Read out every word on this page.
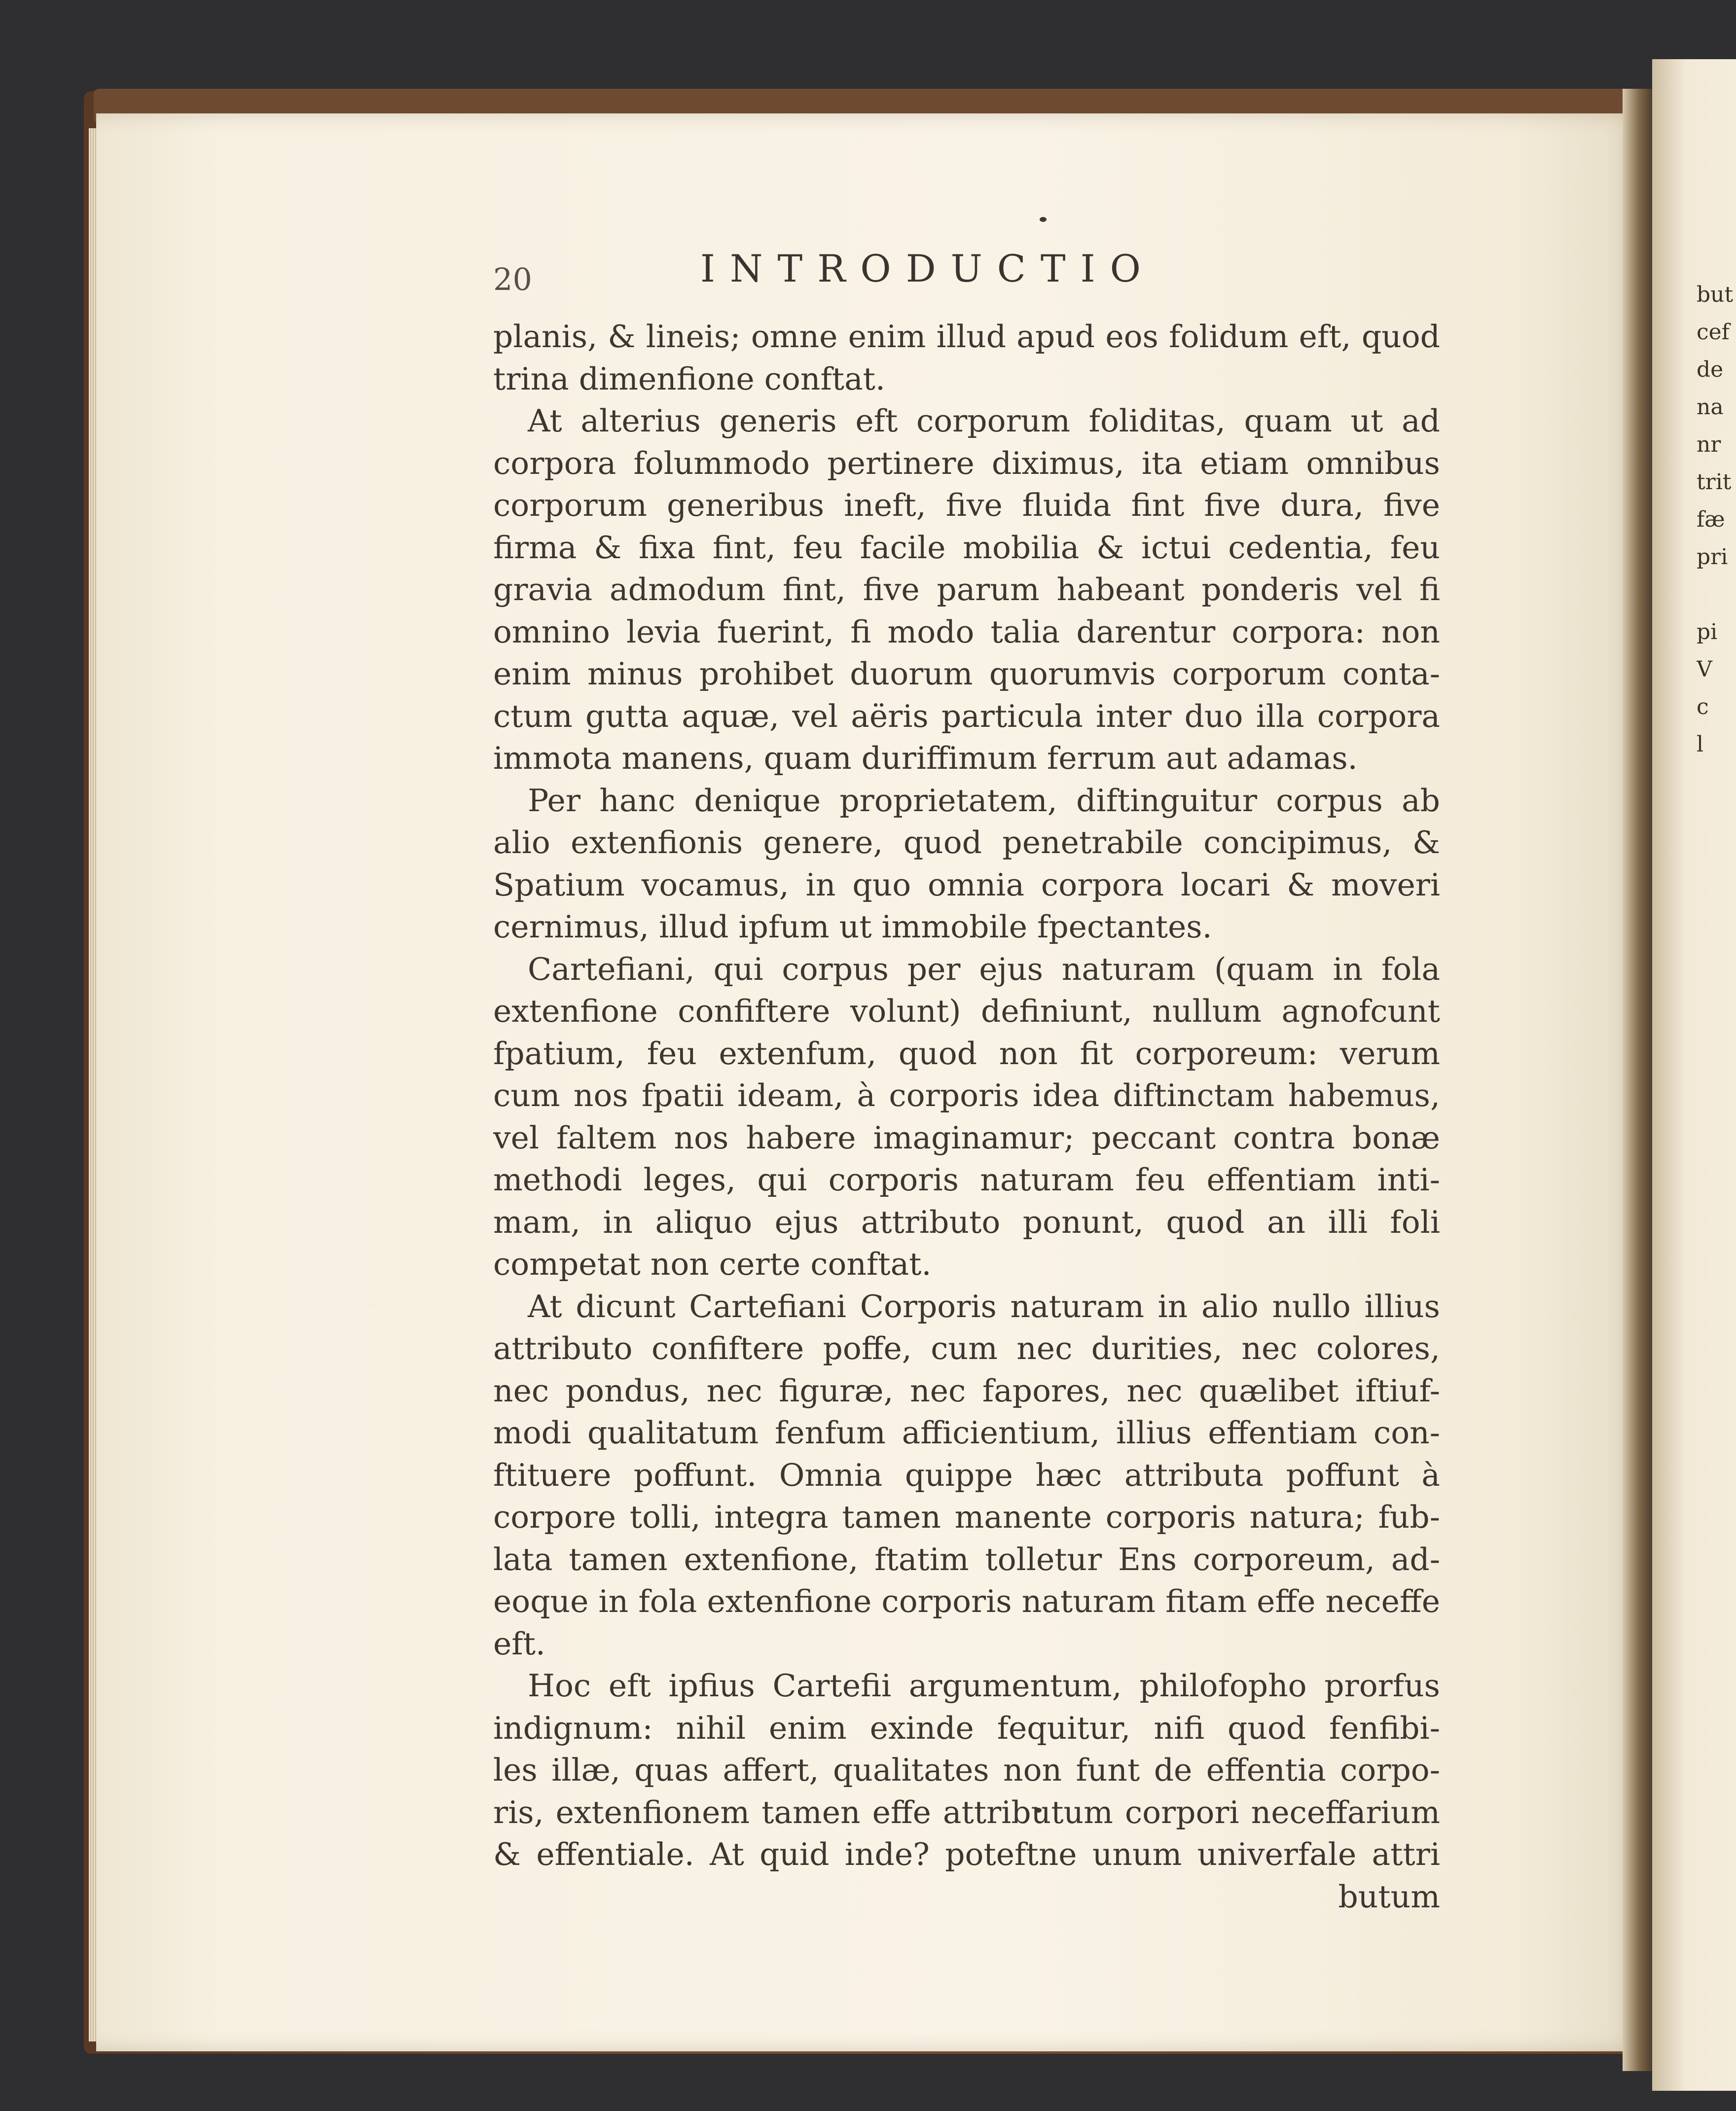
but
cef
de
na
nr
trit
fæ
pri
pi
V
c
l
20	INTRODUCTIO
planis, & lineis; omne enim illud apud eos folidum eft, quod
trina dimenfione conftat.
At alterius generis eft corporum foliditas, quam ut ad
corpora folummodo pertinere diximus, ita etiam omnibus
corporum generibus ineft, five fluida fint five dura, five
firma & fixa fint, feu facile mobilia & ictui cedentia, feu
gravia admodum fint, five parum habeant ponderis vel fi
omnino levia fuerint, fi modo talia darentur corpora: non
enim minus prohibet duorum quorumvis corporum conta-
ctum gutta aquæ, vel aëris particula inter duo illa corpora
immota manens, quam duriffimum ferrum aut adamas.
Per hanc denique proprietatem, diftinguitur corpus ab
alio extenfionis genere, quod penetrabile concipimus, &
Spatium vocamus, in quo omnia corpora locari & moveri
cernimus, illud ipfum ut immobile fpectantes.
Cartefiani, qui corpus per ejus naturam (quam in fola
extenfione confiftere volunt) definiunt, nullum agnofcunt
fpatium, feu extenfum, quod non fit corporeum: verum
cum nos fpatii ideam, à corporis idea diftinctam habemus,
vel faltem nos habere imaginamur; peccant contra bonæ
methodi leges, qui corporis naturam feu effentiam inti-
mam, in aliquo ejus attributo ponunt, quod an illi foli
competat non certe conftat.
At dicunt Cartefiani Corporis naturam in alio nullo illius
attributo confiftere poffe, cum nec durities, nec colores,
nec pondus, nec figuræ, nec fapores, nec quælibet iftiuf-
modi qualitatum fenfum afficientium, illius effentiam con-
ftituere poffunt. Omnia quippe hæc attributa poffunt à
corpore tolli, integra tamen manente corporis natura; fub-
lata tamen extenfione, ftatim tolletur Ens corporeum, ad-
eoque in fola extenfione corporis naturam fitam effe neceffe
eft.
Hoc eft ipfius Cartefii argumentum, philofopho prorfus
indignum: nihil enim exinde fequitur, nifi quod fenfibi-
les illæ, quas affert, qualitates non funt de effentia corpo-
ris, extenfionem tamen effe attributum corpori neceffarium
& effentiale. At quid inde? poteftne unum univerfale attri
butum
